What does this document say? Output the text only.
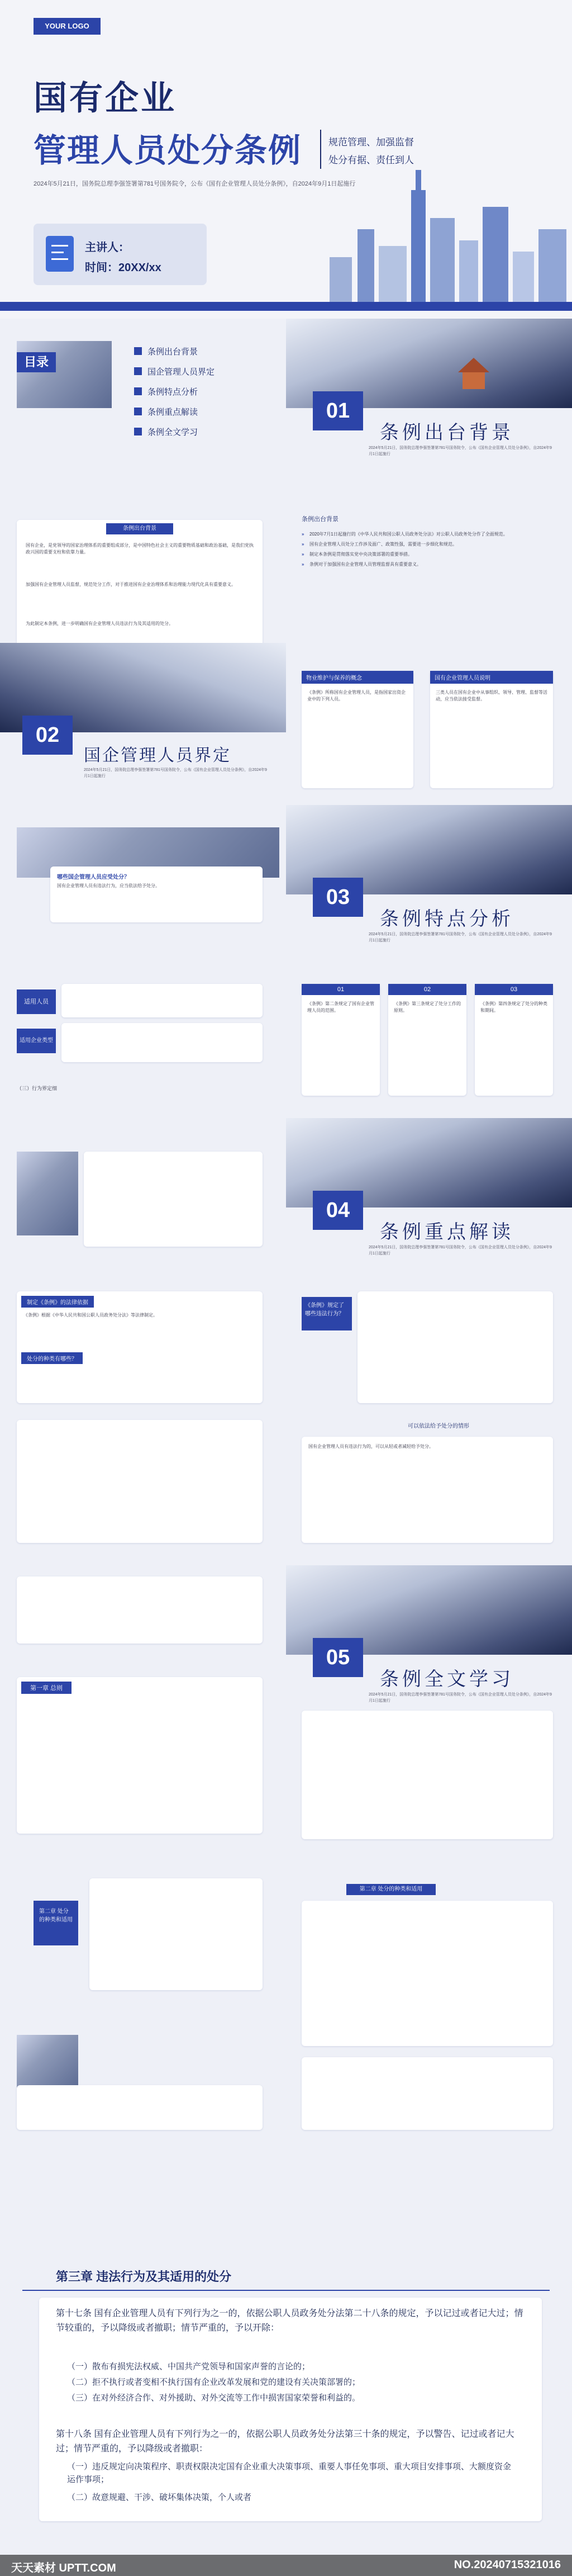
YOUR LOGO
国有企业
管理人员处分条例	规范管理、加强监督
处分有据、责任到人
2024年5月21日，国务院总理李强签署第781号国务院令，公布《国有企业管理人员处分条例》，自2024年9月1日起施行
主讲人：
时间：20XX/xx
目录
条例出台背景
国企管理人员界定
条例特点分析
条例重点解读
条例全文学习
01
条例出台背景
2024年5月21日，国务院总理李强签署第781号国务院令，公布《国有企业管理人员处分条例》，自2024年9月1日起施行
条例出台背景
国有企业，是党领导的国家治理体系的重要组成部分，是中国特色社会主义的重要物质基础和政治基础，是我们党执政兴国的重要支柱和依靠力量。
加强国有企业管理人员监督，规范处分工作，对于推进国有企业治理体系和治理能力现代化具有重要意义。
为此制定本条例，进一步明确国有企业管理人员违法行为及其适用的处分。
条例出台背景
» 2020年7月1日起施行的《中华人民共和国公职人员政务处分法》对公职人员政务处分作了全面规范。
» 国有企业管理人员处分工作涉及面广、政策性强，需要进一步细化和规范。
» 制定本条例是贯彻落实党中央决策部署的重要举措。
» 条例对于加强国有企业管理人员管理监督具有重要意义。
02
国企管理人员界定
2024年5月21日，国务院总理李强签署第781号国务院令，公布《国有企业管理人员处分条例》，自2024年9月1日起施行
物业维护与保养的概念
《条例》所称国有企业管理人员，是指国家出资企业中的下列人员。
国有企业管理人员说明
三类人员在国有企业中从事组织、领导、管理、监督等活动，应当依法接受监督。
哪些国企管理人员应受处分？
国有企业管理人员有违法行为，应当依法给予处分。	03
条例特点分析
2024年5月21日，国务院总理李强签署第781号国务院令，公布《国有企业管理人员处分条例》，自2024年9月1日起施行
适用人员
适用企业类型
01
《条例》第二条规定了国有企业管理人员的范围。
02
《条例》第三条规定了处分工作的原则。
03
《条例》第四条规定了处分的种类和期间。
（三）行为界定细
04
条例重点解读
2024年5月21日，国务院总理李强签署第781号国务院令，公布《国有企业管理人员处分条例》，自2024年9月1日起施行
制定《条例》的法律依据
《条例》根据《中华人民共和国公职人员政务处分法》等法律制定。
处分的种类有哪些？
《条例》规定了哪些违法行为？
可以依法给予处分的情形
国有企业管理人员有违法行为的，可以从轻或者减轻给予处分。
05
条例全文学习
2024年5月21日，国务院总理李强签署第781号国务院令，公布《国有企业管理人员处分条例》，自2024年9月1日起施行
第一章 总则
第二章 处分的种类和适用
第二章 处分的种类和适用
第三章 违法行为及其适用的处分
第十七条 国有企业管理人员有下列行为之一的，依据公职人员政务处分法第二十八条的规定，予以记过或者记大过；情节较重的，予以降级或者撤职；情节严重的，予以开除：
（一）散布有损宪法权威、中国共产党领导和国家声誉的言论的；
（二）拒不执行或者变相不执行国有企业改革发展和党的建设有关决策部署的；
（三）在对外经济合作、对外援助、对外交流等工作中损害国家荣誉和利益的。
第十八条 国有企业管理人员有下列行为之一的，依据公职人员政务处分法第三十条的规定，予以警告、记过或者记大过；情节严重的，予以降级或者撤职：
（一）违反规定向决策程序、职责权限决定国有企业重大决策事项、重要人事任免事项、重大项目安排事项、大额度资金运作事项；
（二）故意规避、干涉、破坏集体决策，个人或者
天天素材 UPTT.COM	NO.20240715321016
